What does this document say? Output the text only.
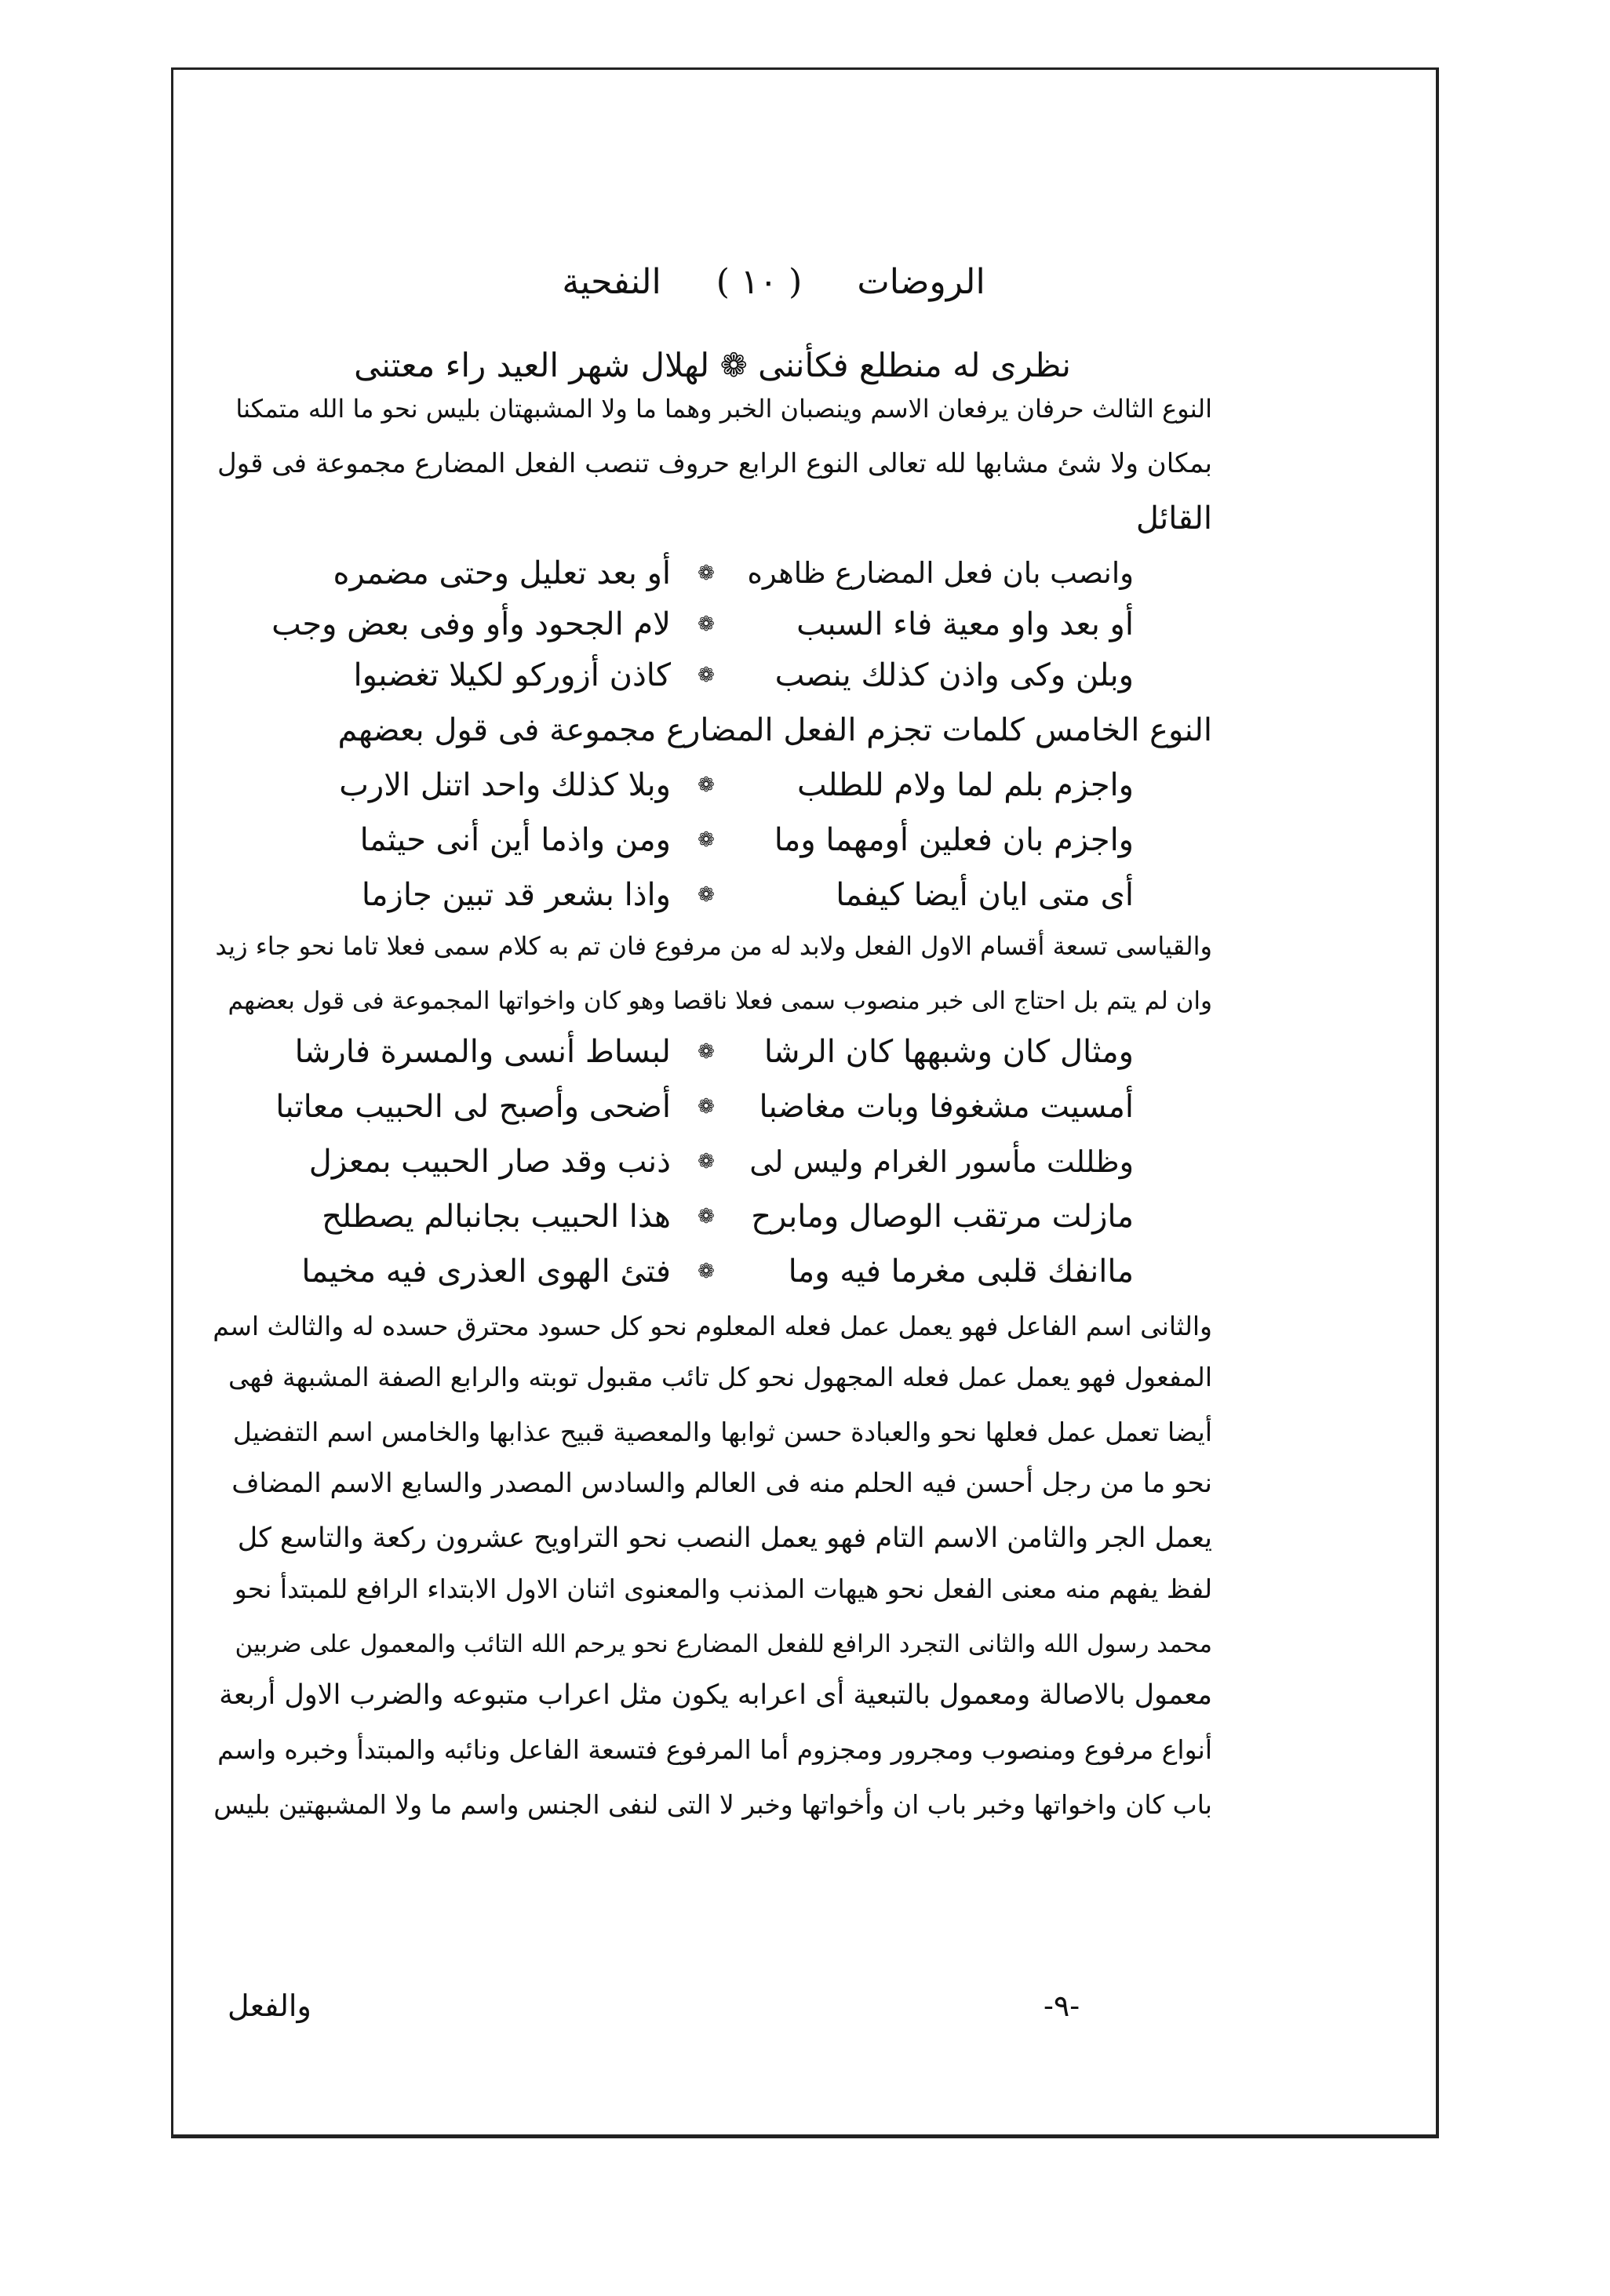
الروضات
( ١٠ )
النفحية
نظرى له منطلع فكأننى ❁ لهلال شهر العيد راء معتنى
النوع الثالث حرفان يرفعان الاسم وينصبان الخبر وهما ما ولا المشبهتان بليس نحو ما الله متمكنا
بمكان ولا شئ مشابها لله تعالى النوع الرابع حروف تنصب الفعل المضارع مجموعة فى قول
القائل
وانصب بان فعل المضارع ظاهره
❁
أو بعد تعليل وحتى مضمره
أو بعد واو معية فاء السبب
❁
لام الجحود وأو وفى بعض وجب
وبلن وكى واذن كذلك ينصب
❁
كاذن أزوركو لكيلا تغضبوا
النوع الخامس كلمات تجزم الفعل المضارع مجموعة فى قول بعضهم
واجزم بلم لما ولام للطلب
❁
وبلا كذلك واحد اتنل الارب
واجزم بان فعلين أومهما وما
❁
ومن واذما أين أنى حيثما
أى متى ايان أيضا كيفما
❁
واذا بشعر قد تبين جازما
والقياسى تسعة أقسام الاول الفعل ولابد له من مرفوع فان تم به كلام سمى فعلا تاما نحو جاء زيد
وان لم يتم بل احتاج الى خبر منصوب سمى فعلا ناقصا وهو كان واخواتها المجموعة فى قول بعضهم
ومثال كان وشبهها كان الرشا
❁
لبساط أنسى والمسرة فارشا
أمسيت مشغوفا وبات مغاضبا
❁
أضحى وأصبح لى الحبيب معاتبا
وظللت مأسور الغرام وليس لى
❁
ذنب وقد صار الحبيب بمعزل
مازلت مرتقب الوصال ومابرح
❁
هذا الحبيب بجانبالم يصطلح
ماانفك قلبى مغرما فيه وما
❁
فتئ الهوى العذرى فيه مخيما
والثانى اسم الفاعل فهو يعمل عمل فعله المعلوم نحو كل حسود محترق حسده له والثالث اسم
المفعول فهو يعمل عمل فعله المجهول نحو كل تائب مقبول توبته والرابع الصفة المشبهة فهى
أيضا تعمل عمل فعلها نحو والعبادة حسن ثوابها والمعصية قبيح عذابها والخامس اسم التفضيل
نحو ما من رجل أحسن فيه الحلم منه فى العالم والسادس المصدر والسابع الاسم المضاف
يعمل الجر والثامن الاسم التام فهو يعمل النصب نحو التراويح عشرون ركعة والتاسع كل
لفظ يفهم منه معنى الفعل نحو هيهات المذنب والمعنوى اثنان الاول الابتداء الرافع للمبتدأ نحو
محمد رسول الله والثانى التجرد الرافع للفعل المضارع نحو يرحم الله التائب والمعمول على ضربين
معمول بالاصالة ومعمول بالتبعية أى اعرابه يكون مثل اعراب متبوعه والضرب الاول أربعة
أنواع مرفوع ومنصوب ومجرور ومجزوم أما المرفوع فتسعة الفاعل ونائبه والمبتدأ وخبره واسم
باب كان واخواتها وخبر باب ان وأخواتها وخبر لا التى لنفى الجنس واسم ما ولا المشبهتين بليس
-٩-
والفعل
